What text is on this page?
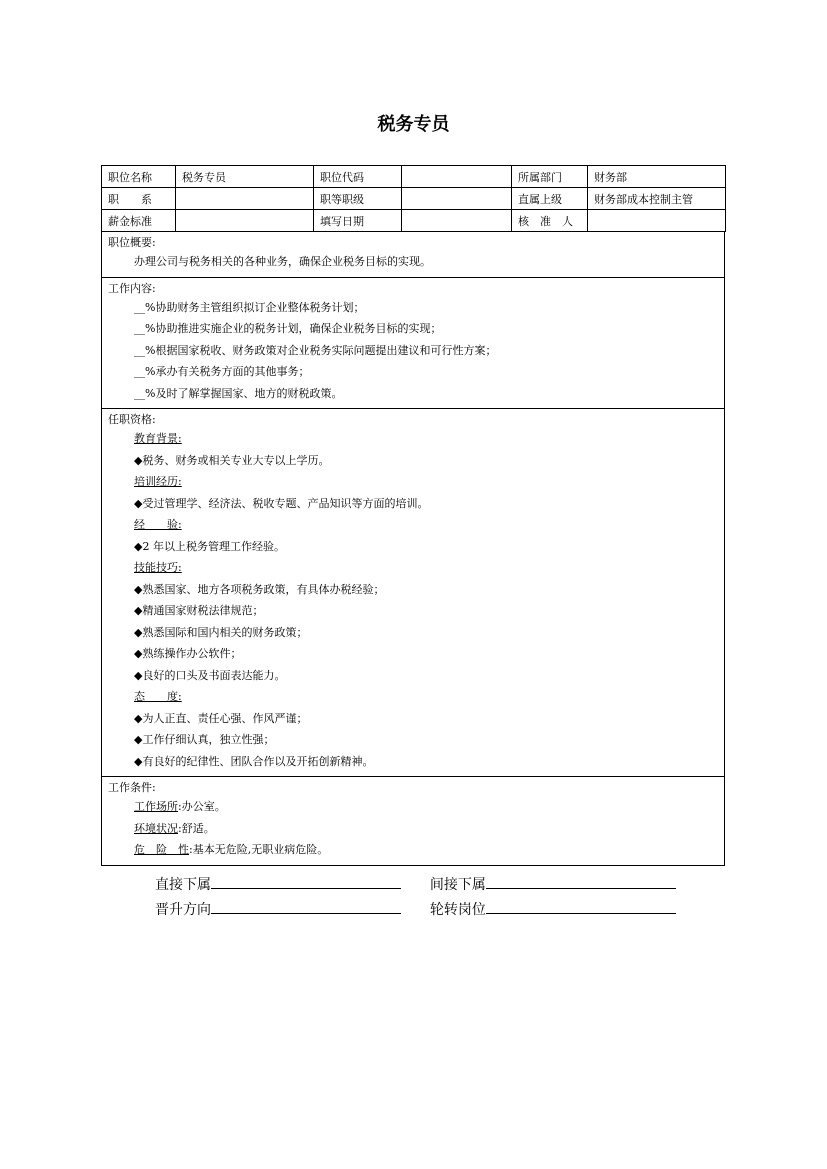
税务专员
职位名称	税务专员	职位代码		所属部门	财务部
职　　系		职等职级		直属上级	财务部成本控制主管
薪金标准		填写日期		核　准　人	
职位概要:
办理公司与税务相关的各种业务，确保企业税务目标的实现。
工作内容:
__%协助财务主管组织拟订企业整体税务计划；
__%协助推进实施企业的税务计划，确保企业税务目标的实现；
__%根据国家税收、财务政策对企业税务实际问题提出建议和可行性方案；
__%承办有关税务方面的其他事务；
__%及时了解掌握国家、地方的财税政策。
任职资格:
教育背景:
◆税务、财务或相关专业大专以上学历。
培训经历:
◆受过管理学、经济法、税收专题、产品知识等方面的培训。
经　　验:
◆2 年以上税务管理工作经验。
技能技巧:
◆熟悉国家、地方各项税务政策，有具体办税经验；
◆精通国家财税法律规范；
◆熟悉国际和国内相关的财务政策；
◆熟练操作办公软件；
◆良好的口头及书面表达能力。
态　　度:
◆为人正直、责任心强、作风严谨；
◆工作仔细认真，独立性强；
◆有良好的纪律性、团队合作以及开拓创新精神。
工作条件:
工作场所:办公室。
环境状况:舒适。
危　险　性:基本无危险,无职业病危险。
直接下属	间接下属
晋升方向	轮转岗位
